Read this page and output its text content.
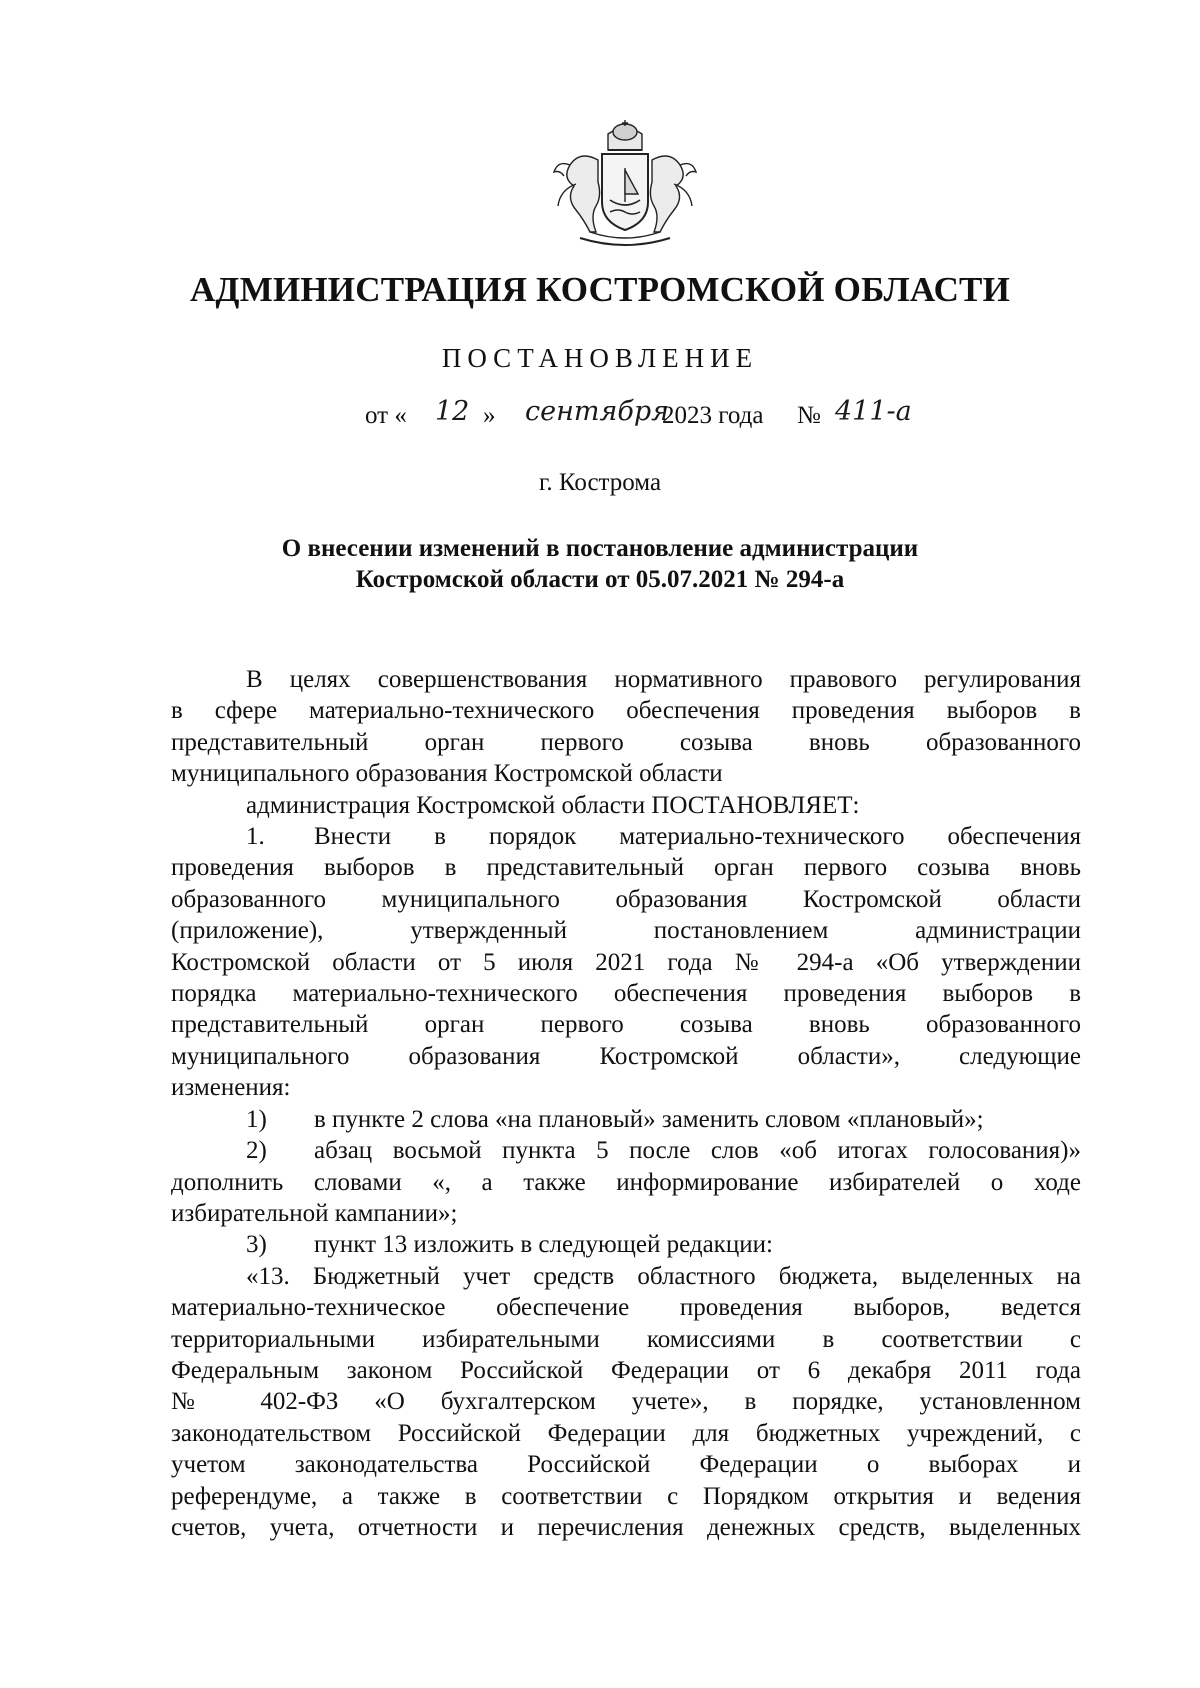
АДМИНИСТРАЦИЯ КОСТРОМСКОЙ ОБЛАСТИ
ПОСТАНОВЛЕНИЕ
от « 12 » сентября
2023 года № 411-а
г. Кострома
О внесении изменений в постановление администрации
Костромской области от 05.07.2021 № 294-а
В целях совершенствования нормативного правового регулирования
в сфере материально-технического обеспечения проведения выборов в
представительный орган первого созыва вновь образованного
муниципального образования Костромской области
администрация Костромской области ПОСТАНОВЛЯЕТ:
1. Внести в порядок материально-технического обеспечения
проведения выборов в представительный орган первого созыва вновь
образованного муниципального образования Костромской области
(приложение), утвержденный постановлением администрации
Костромской области от 5 июля 2021 года № 294-а «Об утверждении
порядка материально-технического обеспечения проведения выборов в
представительный орган первого созыва вновь образованного
муниципального образования Костромской области», следующие
изменения:
1) в пункте 2 слова «на плановый» заменить словом «плановый»;
2) абзац восьмой пункта 5 после слов «об итогах голосования)»
дополнить словами «, а также информирование избирателей о ходе
избирательной кампании»;
3) пункт 13 изложить в следующей редакции:
«13. Бюджетный учет средств областного бюджета, выделенных на
материально-техническое обеспечение проведения выборов, ведется
территориальными избирательными комиссиями в соответствии с
Федеральным законом Российской Федерации от 6 декабря 2011 года
№ 402-ФЗ «О бухгалтерском учете», в порядке, установленном
законодательством Российской Федерации для бюджетных учреждений, с
учетом законодательства Российской Федерации о выборах и
референдуме, а также в соответствии с Порядком открытия и ведения
счетов, учета, отчетности и перечисления денежных средств, выделенных
